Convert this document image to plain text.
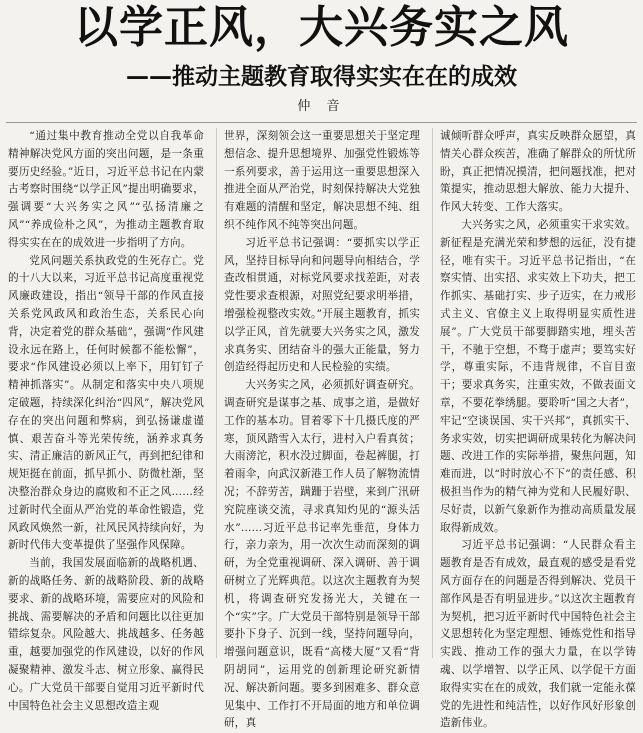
以学正风，大兴务实之风
——推动主题教育取得实实在在的成效
仲 音

“通过集中教育推动全党以自我革命精神解决党风方面的突出问题，是一条重要历史经验。”近日，习近平总书记在内蒙古考察时围绕“以学正风”提出明确要求，强调要“大兴务实之风”“弘扬清廉之风”“养成俭朴之风”，为推动主题教育取得实实在在的成效进一步指明了方向。

党风问题关系执政党的生死存亡。党的十八大以来，习近平总书记高度重视党风廉政建设，指出“领导干部的作风直接关系党风政风和政治生态，关系民心向背，决定着党的群众基础”，强调“作风建设永远在路上，任何时候都不能松懈”，要求“作风建设必须以上率下，用钉钉子精神抓落实”。从制定和落实中央八项规定破题，持续深化纠治“四风”，解决党风存在的突出问题和弊病，到弘扬谦虚谨慎、艰苦奋斗等光荣传统，涵养求真务实、清正廉洁的新风正气，再到把纪律和规矩挺在前面，抓早抓小、防微杜渐，坚决整治群众身边的腐败和不正之风……经过新时代全面从严治党的革命性锻造，党风政风焕然一新，社风民风持续向好，为新时代伟大变革提供了坚强作风保障。

当前，我国发展面临新的战略机遇、新的战略任务、新的战略阶段、新的战略要求、新的战略环境，需要应对的风险和挑战、需要解决的矛盾和问题比以往更加错综复杂。风险越大、挑战越多、任务越重，越要加强党的作风建设，以好的作风凝聚精神、激发斗志、树立形象、赢得民心。广大党员干部要自觉用习近平新时代中国特色社会主义思想改造主观

世界，深刻领会这一重要思想关于坚定理想信念、提升思想境界、加强党性锻炼等一系列要求，善于运用这一重要思想深入推进全面从严治党，时刻保持解决大党独有难题的清醒和坚定，解决思想不纯、组织不纯作风不纯等突出问题。

习近平总书记强调：“要抓实以学正风，坚持目标导向和问题导向相结合，学查改相贯通，对标党风要求找差距，对表党性要求查根源，对照党纪要求明举措，增强检视整改实效。”开展主题教育，抓实以学正风，首先就要大兴务实之风，激发求真务实、团结奋斗的强大正能量，努力创造经得起历史和人民检验的实绩。

大兴务实之风，必须抓好调查研究。调查研究是谋事之基、成事之道，是做好工作的基本功。冒着零下十几摄氏度的严寒，顶风踏雪入太行，进村入户看真贫；大雨滂沱，积水没过脚面，卷起裤腿，打着雨伞，向武汉新港工作人员了解物流情况；不辞劳苦，蹒跚于岩壁，来到广汛研究院座谈交流，寻求真知灼见的“源头活水”……习近平总书记率先垂范，身体力行，亲力亲为，用一次次生动而深刻的调研，为全党重视调研、深入调研、善于调研树立了光辉典范。以这次主题教育为契机，将调查研究发扬光大，关键在一个“实”字。广大党员干部特别是领导干部要扑下身子、沉到一线，坚持问题导向，增强问题意识，既看“高楼大厦”又看“背阴胡同”，运用党的创新理论研究新情况、解决新问题。要多到困难多、群众意见集中、工作打不开局面的地方和单位调研，真

诚倾听群众呼声，真实反映群众愿望，真情关心群众疾苦，准确了解群众的所忧所盼，真正把情况摸清，把问题找准，把对策提实，推动思想大解放、能力大提升、作风大转变、工作大落实。

大兴务实之风，必须重实干求实效。新征程是充满光荣和梦想的远征，没有捷径，唯有实干。习近平总书记指出，“在察实情、出实招、求实效上下功夫，把工作抓实、基础打实、步子迈实，在力戒形式主义、官僚主义上取得明显实质性进展”。广大党员干部要脚踏实地，埋头苦干，不驰于空想，不骛于虚声；要笃实好学，尊重实际，不违背规律，不盲目蛮干；要求真务实，注重实效，不做表面文章，不要花拳绣腿。要聆听“国之大者”，牢记“空谈误国、实干兴邦”，真抓实干、务求实效，切实把调研成果转化为解决问题、改进工作的实际举措，聚焦问题，知难而进，以“时时放心不下”的责任感、积极担当作为的精气神为党和人民履好职、尽好责，以新气象新作为推动高质量发展取得新成效。

习近平总书记强调：“人民群众看主题教育是否有成效，最直观的感受是看党风方面存在的问题是否得到解决、党员干部作风是否有明显进步。”以这次主题教育为契机，把习近平新时代中国特色社会主义思想转化为坚定理想、锤炼党性和指导实践、推动工作的强大力量，在以学铸魂、以学增智、以学正风、以学促干方面取得实实在在的成效，我们就一定能永葆党的先进性和纯洁性，以好作风好形象创造新伟业。
